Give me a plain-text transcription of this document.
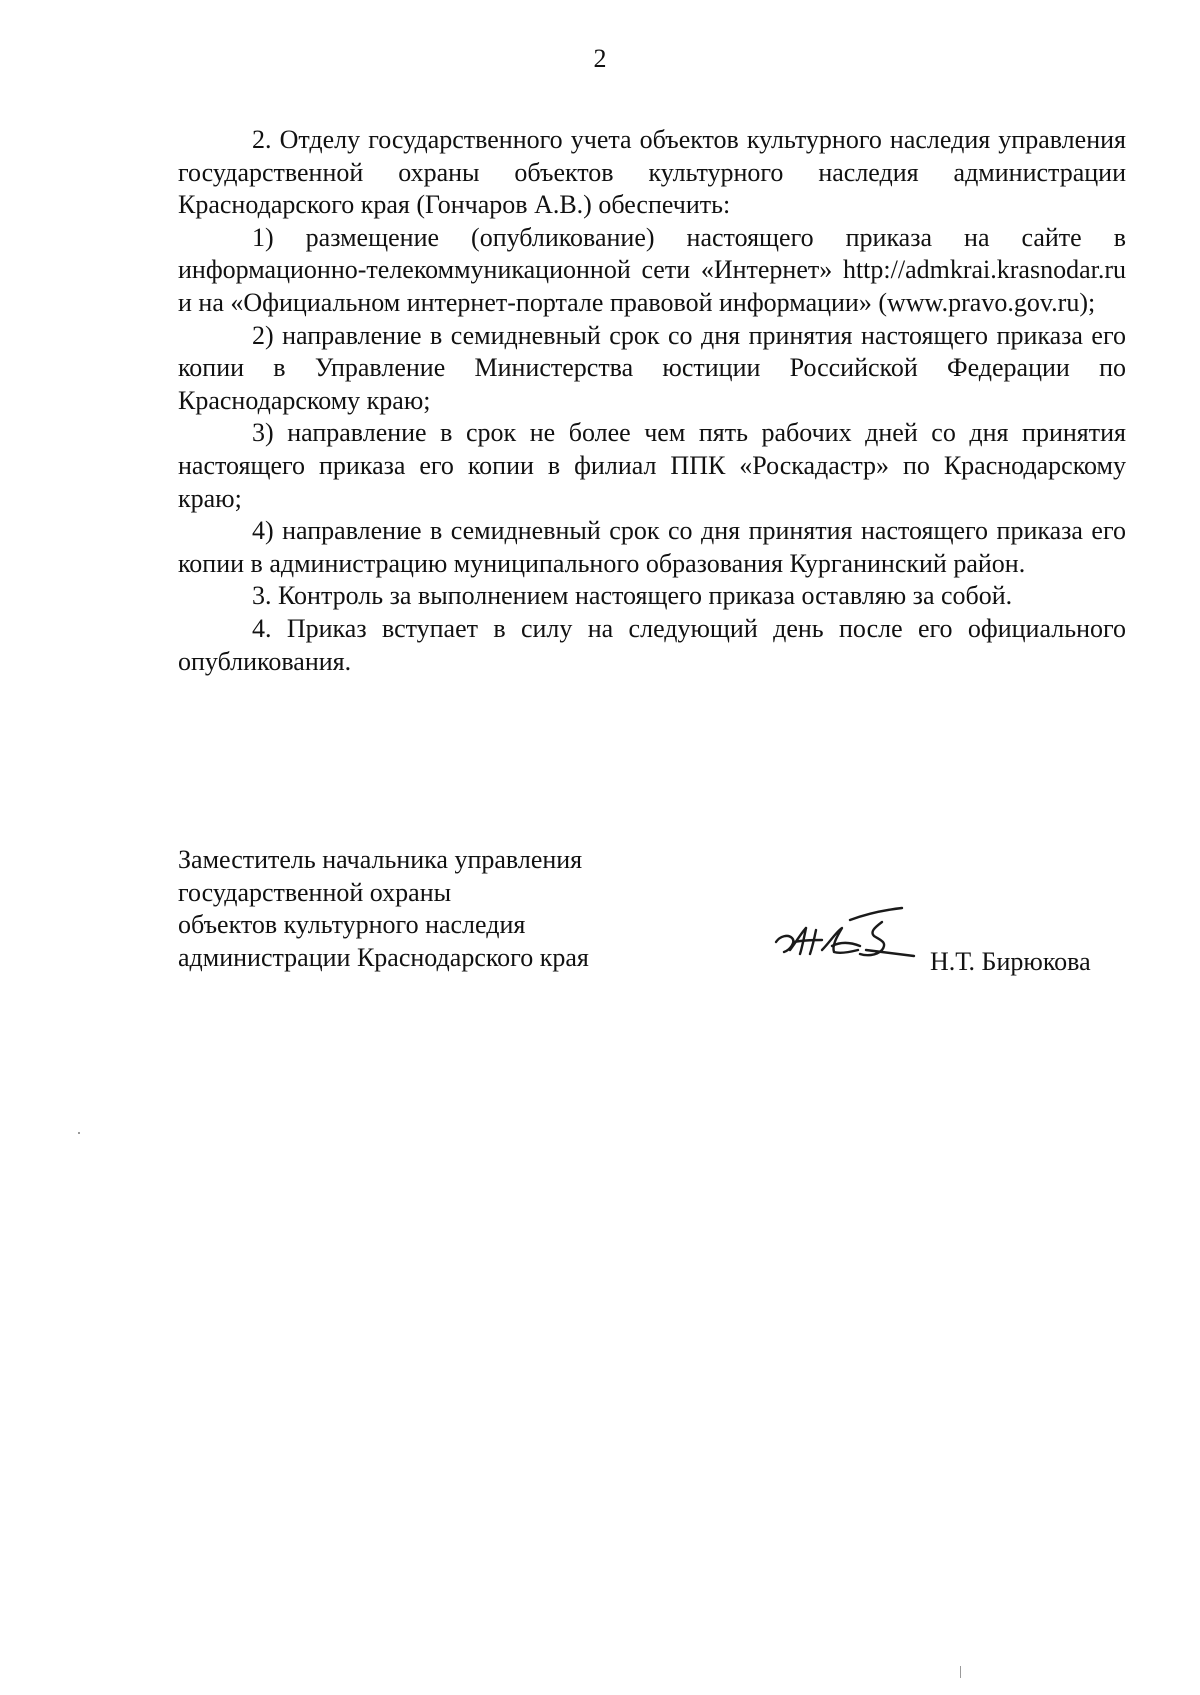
2

2. Отделу государственного учета объектов культурного наследия управления государственной охраны объектов культурного наследия администрации Краснодарского края (Гончаров А.В.) обеспечить:

1) размещение (опубликование) настоящего приказа на сайте в информационно-телекоммуникационной сети «Интернет» http://admkrai.krasnodar.ru и на «Официальном интернет-портале правовой информации» (www.pravo.gov.ru);

2) направление в семидневный срок со дня принятия настоящего приказа его копии в Управление Министерства юстиции Российской Федерации по Краснодарскому краю;

3) направление в срок не более чем пять рабочих дней со дня принятия настоящего приказа его копии в филиал ППК «Роскадастр» по Краснодарскому краю;

4) направление в семидневный срок со дня принятия настоящего приказа его копии в администрацию муниципального образования Курганинский район.

3. Контроль за выполнением настоящего приказа оставляю за собой.

4. Приказ вступает в силу на следующий день после его официального опубликования.

Заместитель начальника управления
государственной охраны
объектов культурного наследия
администрации Краснодарского края	Н.Т. Бирюкова
